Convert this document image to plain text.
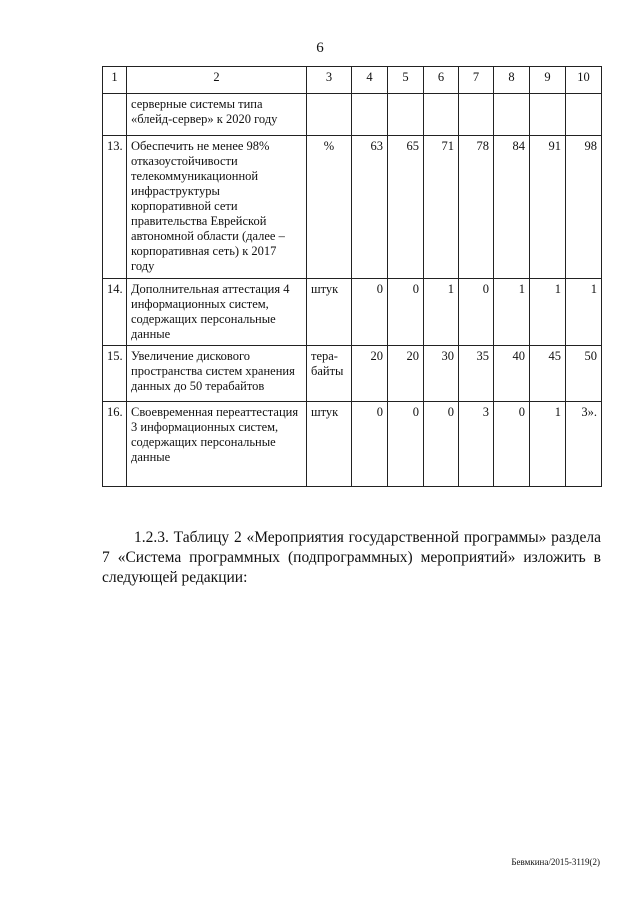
6
1	2	3	4	5	6	7	8	9	10
	серверные системы типа «блейд-сервер» к 2020 году								
13.	Обеспечить не менее 98% отказоустойчивости телекоммуникационной инфраструктуры корпоративной сети правительства Еврейской автономной области (далее – корпоративная сеть) к 2017 году	%	63	65	71	78	84	91	98
14.	Дополнительная аттестация 4 информационных систем, содержащих персональные данные	штук	0	0	1	0	1	1	1
15.	Увеличение дискового пространства систем хранения данных до 50 терабайтов	тера-байты	20	20	30	35	40	45	50
16.	Своевременная переаттестация 3 информационных систем, содержащих персональные данные	штук	0	0	0	3	0	1	3».

1.2.3. Таблицу 2 «Мероприятия государственной программы» раздела 7 «Система программных (подпрограммных) мероприятий» изложить в следующей редакции:

Бевмкина/2015-3119(2)
